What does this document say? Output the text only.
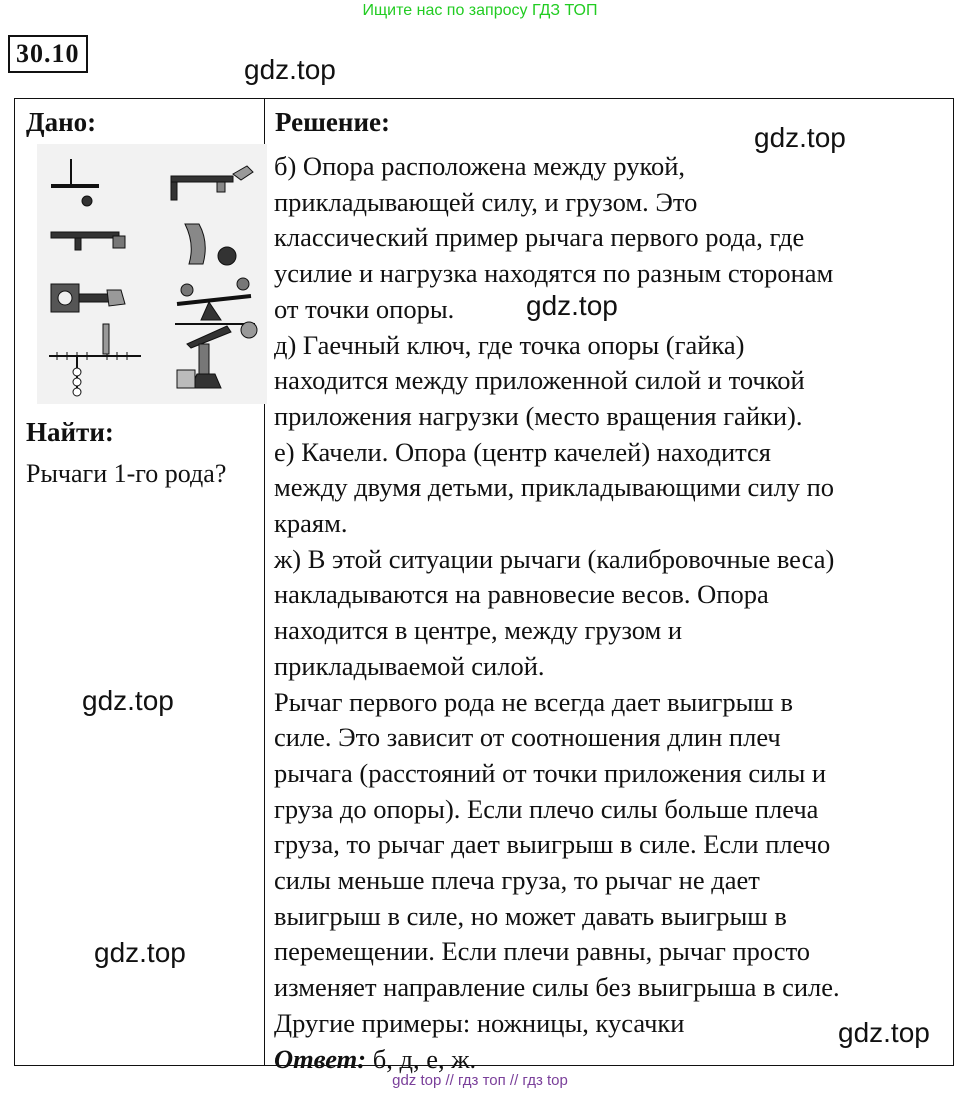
Ищите нас по запросу ГДЗ ТОП
30.10
gdz.top
Дано:
Найти:
Рычаги 1-го рода?
Решение:

б) Опора расположена между рукой,

прикладывающей силу, и грузом. Это

классический пример рычага первого рода, где

усилие и нагрузка находятся по разным сторонам

от точки опоры.

д) Гаечный ключ, где точка опоры (гайка)

находится между приложенной силой и точкой

приложения нагрузки (место вращения гайки).

е) Качели. Опора (центр качелей) находится

между двумя детьми, прикладывающими силу по

краям.

ж) В этой ситуации рычаги (калибровочные веса)

накладываются на равновесие весов. Опора

находится в центре, между грузом и

прикладываемой силой.

Рычаг первого рода не всегда дает выигрыш в

силе. Это зависит от соотношения длин плеч

рычага (расстояний от точки приложения силы и

груза до опоры). Если плечо силы больше плеча

груза, то рычаг дает выигрыш в силе. Если плечо

силы меньше плеча груза, то рычаг не дает

выигрыш в силе, но может давать выигрыш в

перемещении. Если плечи равны, рычаг просто

изменяет направление силы без выигрыша в силе.

Другие примеры: ножницы, кусачки

Ответ: б, д, е, ж.

gdz.top
gdz.top
gdz.top
gdz.top
gdz.top
gdz top // гдз топ // гдз top
